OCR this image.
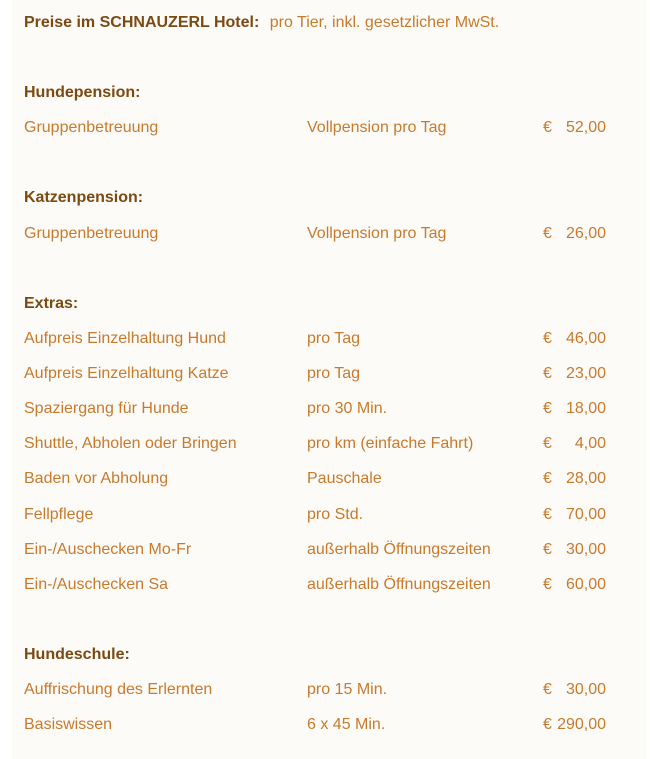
Preise im SCHNAUZERL Hotel: pro Tier, inkl. gesetzlicher MwSt.
Hundepension:
Gruppenbetreuung	Vollpension pro Tag	€ 52,00
Katzenpension:
Gruppenbetreuung	Vollpension pro Tag	€ 26,00
Extras:
Aufpreis Einzelhaltung Hund	pro Tag	€ 46,00
Aufpreis Einzelhaltung Katze	pro Tag	€ 23,00
Spaziergang für Hunde	pro 30 Min.	€ 18,00
Shuttle, Abholen oder Bringen	pro km (einfache Fahrt)	€ 4,00
Baden vor Abholung	Pauschale	€ 28,00
Fellpflege	pro Std.	€ 70,00
Ein-/Auschecken Mo-Fr	außerhalb Öffnungszeiten	€ 30,00
Ein-/Auschecken Sa	außerhalb Öffnungszeiten	€ 60,00
Hundeschule:
Auffrischung des Erlernten	pro 15 Min.	€ 30,00
Basiswissen	6 x 45 Min.	€ 290,00
